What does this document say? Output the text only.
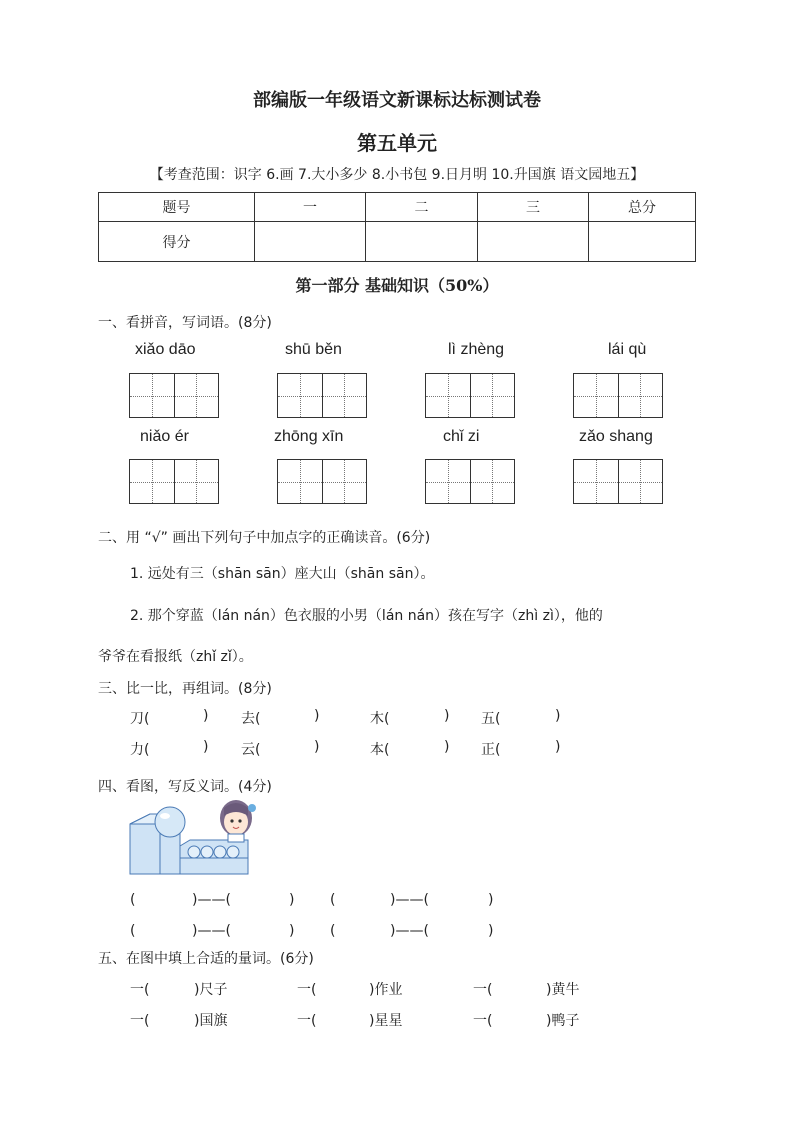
部编版一年级语文新课标达标测试卷
第五单元
【考查范围：识字 6.画 7.大小多少 8.小书包 9.日月明 10.升国旗 语文园地五】
题号	一	二	三	总分
得分				
第一部分 基础知识（50%）
一、看拼音，写词语。(8分)
xiǎo dāo	shū běn	lì zhèng	lái qù
niǎo ér	zhōng xīn	chǐ zi	zǎo shang
二、用 “√” 画出下列句子中加点字的正确读音。(6分)
1. 远处有三（shān sān）座大山（shān sān）。
2. 那个穿蓝（lán nán）色衣服的小男（lán nán）孩在写字（zhì zì），他的
爷爷在看报纸（zhǐ zǐ）。
三、比一比，再组词。(8分)
刀(	) 去(	)	木(	) 五(	)
力(	) 云(	)	本(	) 正(	)
四、看图，写反义词。(4分)
(	)——(	)	(	)——(	)
(	)——(	)	(	)——(	)
五、在图中填上合适的量词。(6分)
一(	)尺子	一(	)作业	一(	)黄牛
一(	)国旗	一(	)星星	一(	)鸭子
